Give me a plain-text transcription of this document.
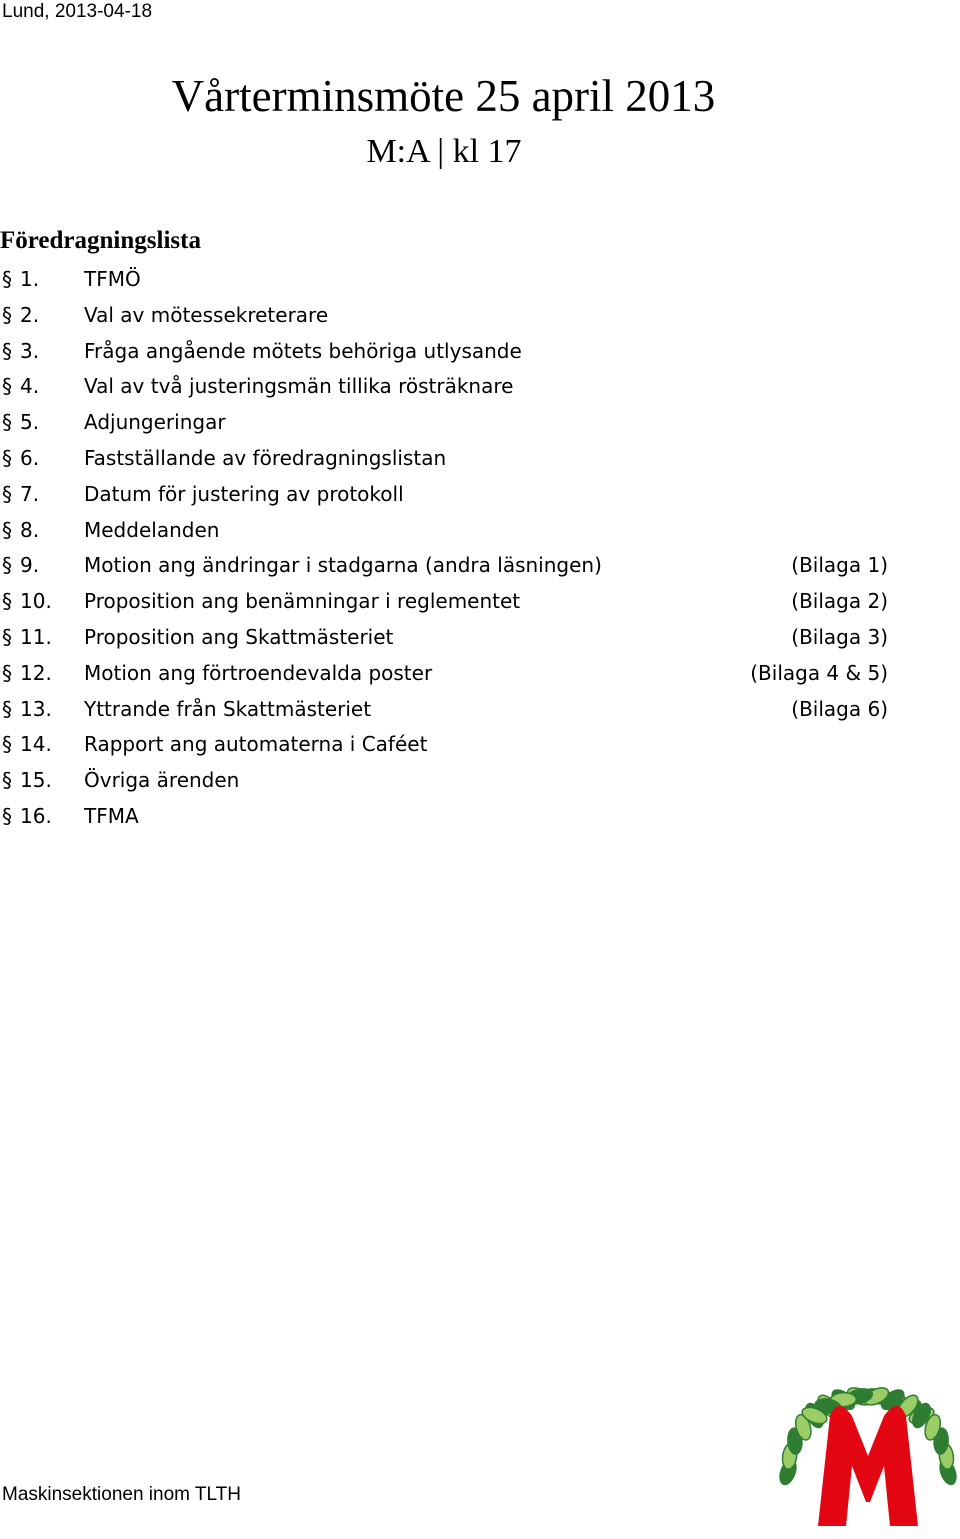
Lund, 2013-04-18
Vårterminsmöte 25 april 2013
M:A | kl 17
Föredragningslista
§ 1. TFMÖ
§ 2. Val av mötessekreterare
§ 3. Fråga angående mötets behöriga utlysande
§ 4. Val av två justeringsmän tillika rösträknare
§ 5. Adjungeringar
§ 6. Fastställande av föredragningslistan
§ 7. Datum för justering av protokoll
§ 8. Meddelanden
§ 9. Motion ang ändringar i stadgarna (andra läsningen)	(Bilaga 1)
§ 10. Proposition ang benämningar i reglementet	(Bilaga 2)
§ 11. Proposition ang Skattmästeriet	(Bilaga 3)
§ 12. Motion ang förtroendevalda poster	(Bilaga 4 & 5)
§ 13. Yttrande från Skattmästeriet	(Bilaga 6)
§ 14. Rapport ang automaterna i Caféet
§ 15. Övriga ärenden
§ 16. TFMA
Maskinsektionen inom TLTH
